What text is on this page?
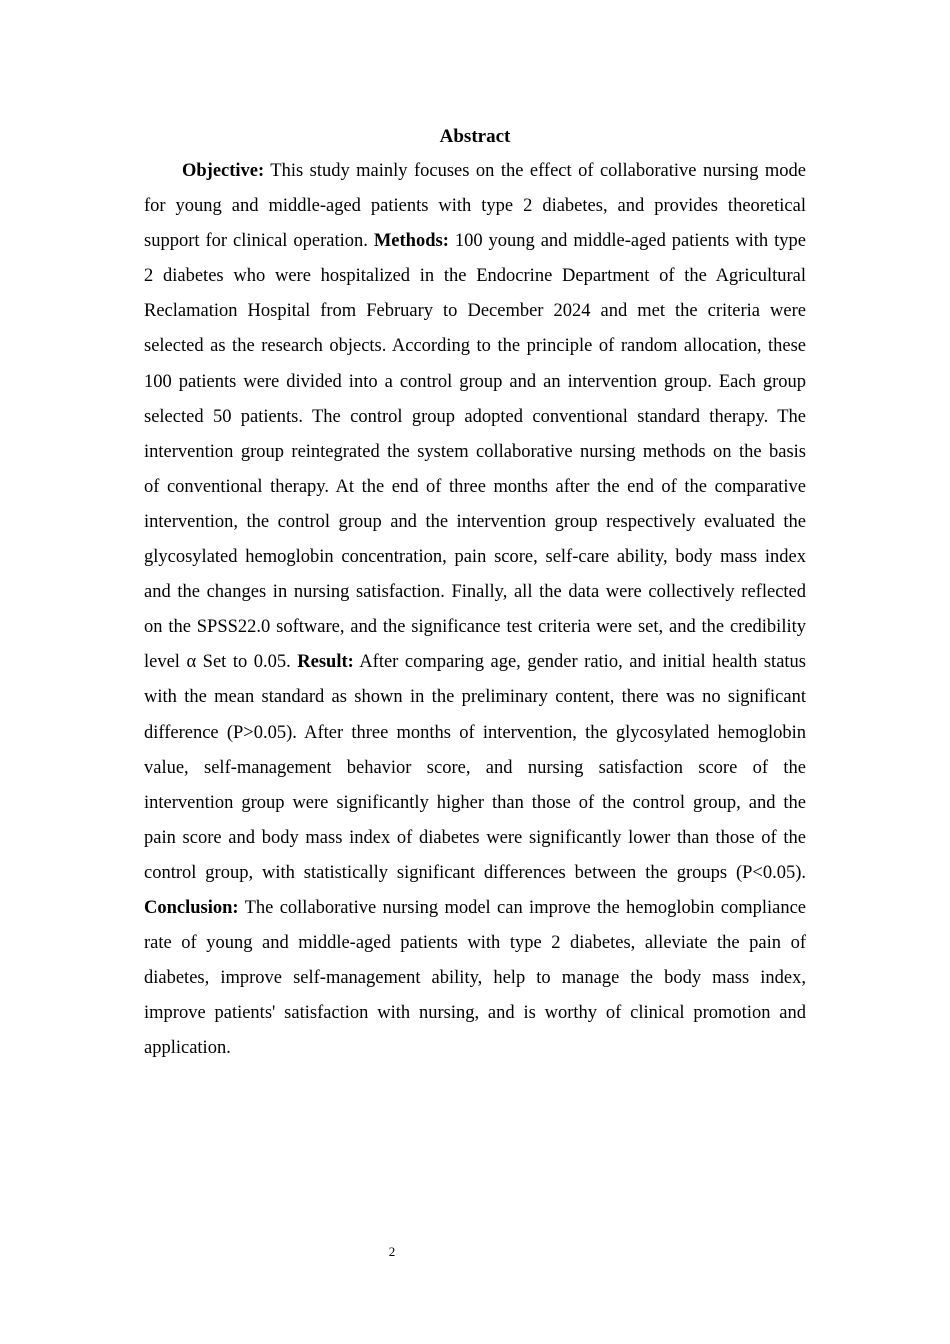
Abstract

Objective: This study mainly focuses on the effect of collaborative nursing mode for young and middle-aged patients with type 2 diabetes, and provides theoretical support for clinical operation. Methods: 100 young and middle-aged patients with type 2 diabetes who were hospitalized in the Endocrine Department of the Agricultural Reclamation Hospital from February to December 2024 and met the criteria were selected as the research objects. According to the principle of random allocation, these 100 patients were divided into a control group and an intervention group. Each group selected 50 patients. The control group adopted conventional standard therapy. The intervention group reintegrated the system collaborative nursing methods on the basis of conventional therapy. At the end of three months after the end of the comparative intervention, the control group and the intervention group respectively evaluated the glycosylated hemoglobin concentration, pain score, self-care ability, body mass index and the changes in nursing satisfaction. Finally, all the data were collectively reflected on the SPSS22.0 software, and the significance test criteria were set, and the credibility level α Set to 0.05. Result: After comparing age, gender ratio, and initial health status with the mean standard as shown in the preliminary content, there was no significant difference (P>0.05). After three months of intervention, the glycosylated hemoglobin value, self-management behavior score, and nursing satisfaction score of the intervention group were significantly higher than those of the control group, and the pain score and body mass index of diabetes were significantly lower than those of the control group, with statistically significant differences between the groups (P<0.05). Conclusion: The collaborative nursing model can improve the hemoglobin compliance rate of young and middle-aged patients with type 2 diabetes, alleviate the pain of diabetes, improve self-management ability, help to manage the body mass index, improve patients' satisfaction with nursing, and is worthy of clinical promotion and application.

2
